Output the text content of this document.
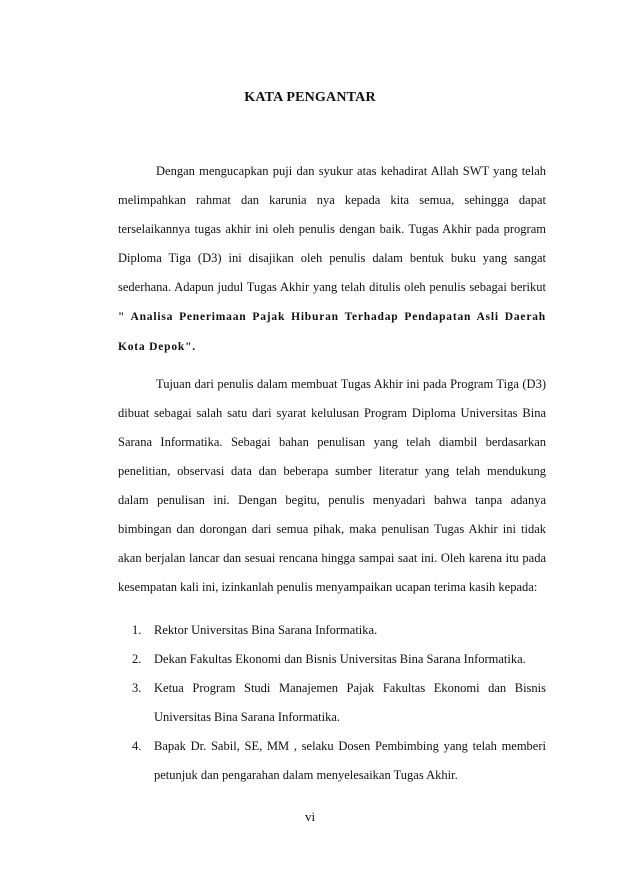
KATA PENGANTAR

Dengan mengucapkan puji dan syukur atas kehadirat Allah SWT yang telah melimpahkan rahmat dan karunia nya kepada kita semua, sehingga dapat terselaikannya tugas akhir ini oleh penulis dengan baik. Tugas Akhir pada program Diploma Tiga (D3) ini disajikan oleh penulis dalam bentuk buku yang sangat sederhana. Adapun judul Tugas Akhir yang telah ditulis oleh penulis sebagai berikut " Analisa Penerimaan Pajak Hiburan Terhadap Pendapatan Asli Daerah Kota Depok".

Tujuan dari penulis dalam membuat Tugas Akhir ini pada Program Tiga (D3) dibuat sebagai salah satu dari syarat kelulusan Program Diploma Universitas Bina Sarana Informatika. Sebagai bahan penulisan yang telah diambil berdasarkan penelitian, observasi data dan beberapa sumber literatur yang telah mendukung dalam penulisan ini. Dengan begitu, penulis menyadari bahwa tanpa adanya bimbingan dan dorongan dari semua pihak, maka penulisan Tugas Akhir ini tidak akan berjalan lancar dan sesuai rencana hingga sampai saat ini. Oleh karena itu pada kesempatan kali ini, izinkanlah penulis menyampaikan ucapan terima kasih kepada:

1. Rektor Universitas Bina Sarana Informatika.
2. Dekan Fakultas Ekonomi dan Bisnis Universitas Bina Sarana Informatika.
3. Ketua Program Studi Manajemen Pajak Fakultas Ekonomi dan Bisnis Universitas Bina Sarana Informatika.
4. Bapak Dr. Sabil, SE, MM , selaku Dosen Pembimbing yang telah memberi petunjuk dan pengarahan dalam menyelesaikan Tugas Akhir.
vi
